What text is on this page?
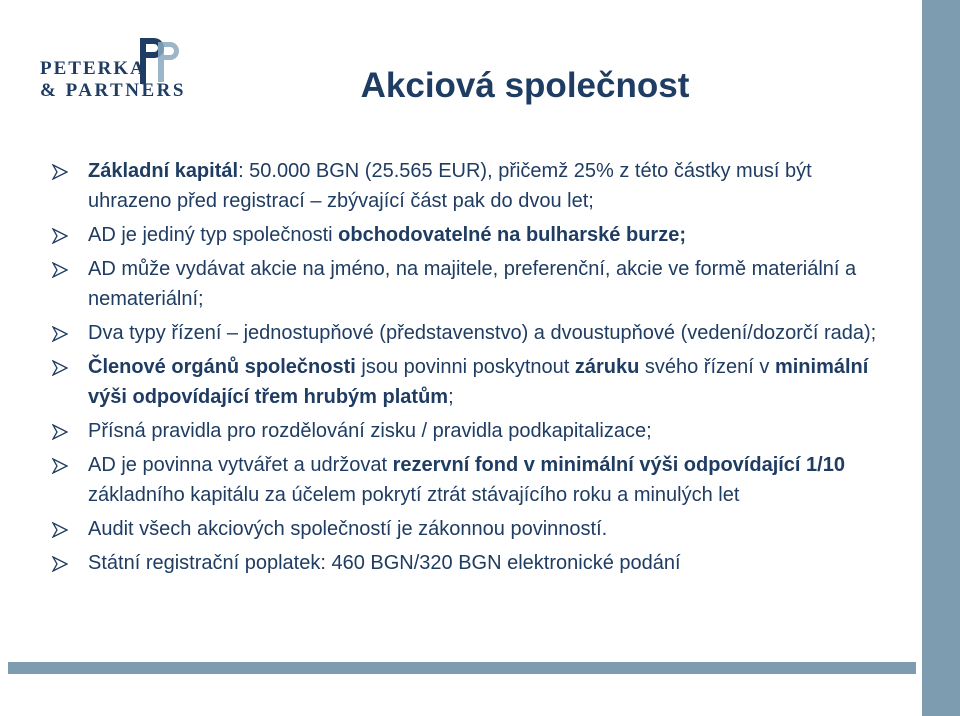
PETERKA
& PARTNERS	Akciová společnost
Základní kapitál: 50.000 BGN (25.565 EUR), přičemž 25% z této částky musí být uhrazeno před registrací – zbývající část pak do dvou let;
AD je jediný typ společnosti obchodovatelné na bulharské burze;
AD může vydávat akcie na jméno, na majitele, preferenční, akcie ve formě materiální a nemateriální;
Dva typy řízení – jednostupňové (představenstvo) a dvoustupňové (vedení/dozorčí rada);
Členové orgánů společnosti jsou povinni poskytnout záruku svého řízení v minimální výši odpovídající třem hrubým platům;
Přísná pravidla pro rozdělování zisku / pravidla podkapitalizace;
AD je povinna vytvářet a udržovat rezervní fond v minimální výši odpovídající 1/10 základního kapitálu za účelem pokrytí ztrát stávajícího roku a minulých let
Audit všech akciových společností je zákonnou povinností.
Státní registrační poplatek: 460 BGN/320 BGN elektronické podání
